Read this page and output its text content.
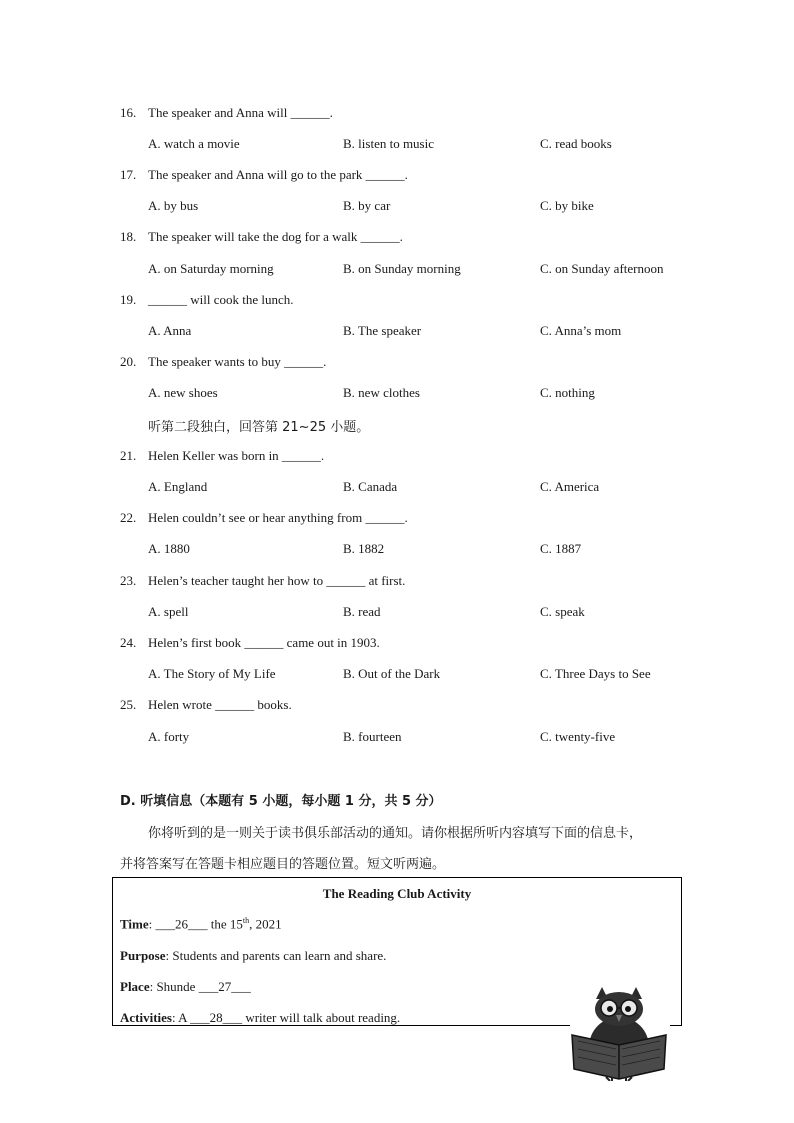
16. The speaker and Anna will ______.
A. watch a movie	B. listen to music	C. read books
17. The speaker and Anna will go to the park ______.
A. by bus	B. by car	C. by bike
18. The speaker will take the dog for a walk ______.
A. on Saturday morning	B. on Sunday morning	C. on Sunday afternoon
19. ______ will cook the lunch.
A. Anna	B. The speaker	C. Anna’s mom
20. The speaker wants to buy ______.
A. new shoes	B. new clothes	C. nothing
听第二段独白，回答第 21~25 小题。
21. Helen Keller was born in ______.
A. England	B. Canada	C. America
22. Helen couldn’t see or hear anything from ______.
A. 1880	B. 1882	C. 1887
23. Helen’s teacher taught her how to ______ at first.
A. spell	B. read	C. speak
24. Helen’s first book ______ came out in 1903.
A. The Story of My Life	B. Out of the Dark	C. Three Days to See
25. Helen wrote ______ books.
A. forty	B. fourteen	C. twenty-five
D. 听填信息（本题有 5 小题，每小题 1 分，共 5 分）
你将听到的是一则关于读书俱乐部活动的通知。请你根据所听内容填写下面的信息卡，
并将答案写在答题卡相应题目的答题位置。短文听两遍。
The Reading Club Activity
Time: ___26___ the 15th, 2021
Purpose: Students and parents can learn and share.
Place: Shunde ___27___
Activities: A ___28___ writer will talk about reading.
